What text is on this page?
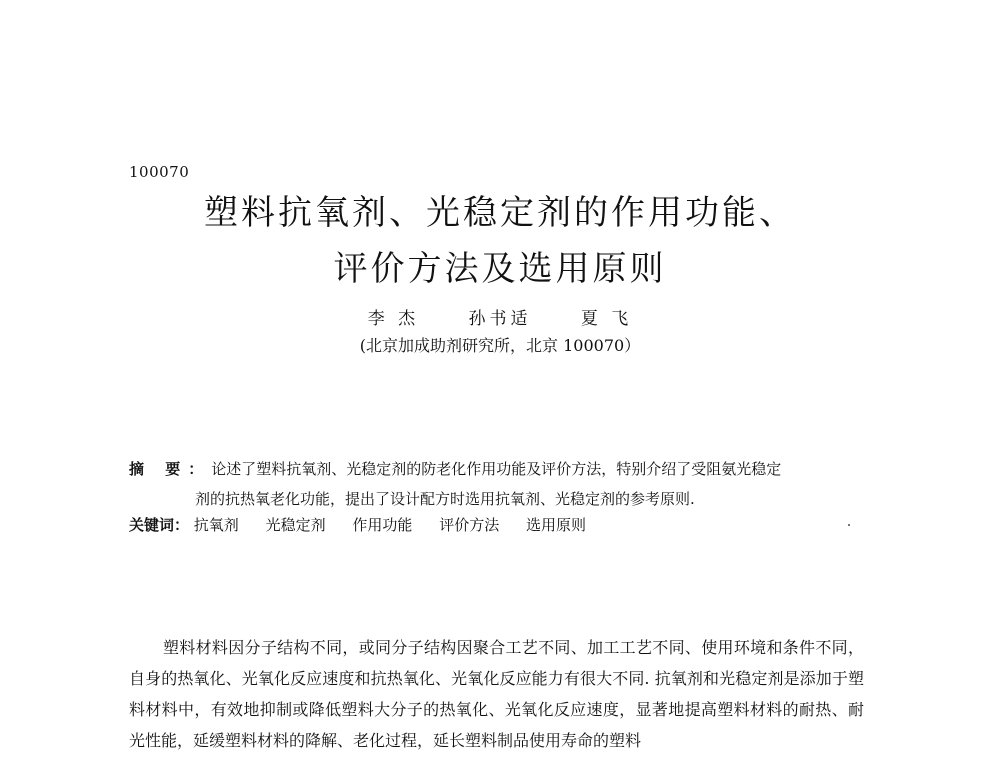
100070
塑料抗氧剂、光稳定剂的作用功能、
评价方法及选用原则
李 杰	孙书适	夏 飞
(北京加成助剂研究所，北京 100070）
摘 要：论述了塑料抗氧剂、光稳定剂的防老化作用功能及评价方法，特别介绍了受阻氨光稳定
剂的抗热氧老化功能，提出了设计配方时选用抗氧剂、光稳定剂的参考原则.
关键词： 抗氧剂 光稳定剂 作用功能 评价方法 选用原则

塑料材料因分子结构不同，或同分子结构因聚合工艺不同、加工工艺不同、使用环境和条件不同，自身的热氧化、光氧化反应速度和抗热氧化、光氧化反应能力有很大不同. 抗氧剂和光稳定剂是添加于塑料材料中，有效地抑制或降低塑料大分子的热氧化、光氧化反应速度，显著地提高塑料材料的耐热、耐光性能，延缓塑料材料的降解、老化过程，延长塑料制品使用寿命的塑料
